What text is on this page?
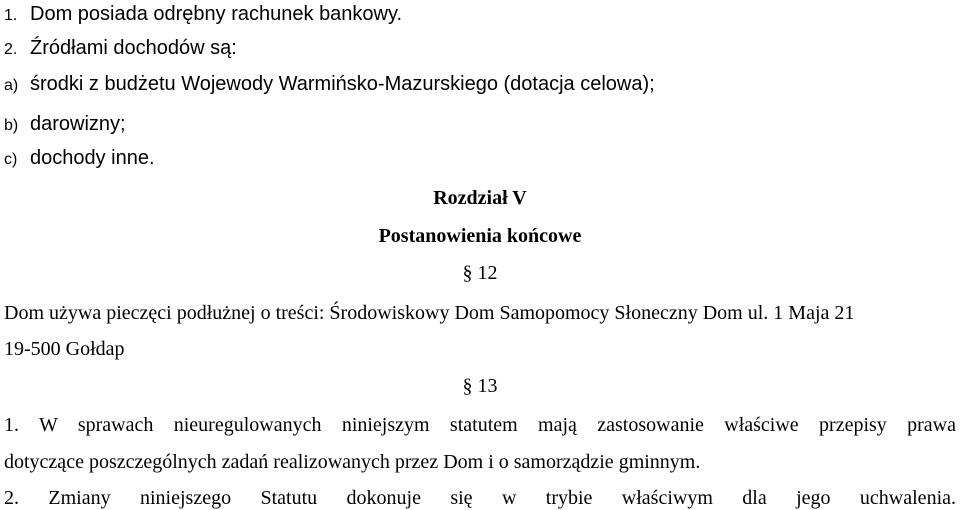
1. Dom posiada odrębny rachunek bankowy.
2. Źródłami dochodów są:
a) środki z budżetu Wojewody Warmińsko-Mazurskiego (dotacja celowa);
b) darowizny;
c) dochody inne.
Rozdział V
Postanowienia końcowe
§ 12
Dom używa pieczęci podłużnej o treści: Środowiskowy Dom Samopomocy Słoneczny Dom ul. 1 Maja 21
19-500 Gołdap
§ 13
1. W sprawach nieuregulowanych niniejszym statutem mają zastosowanie właściwe przepisy prawa
dotyczące poszczególnych zadań realizowanych przez Dom i o samorządzie gminnym.
2. Zmiany niniejszego Statutu dokonuje się w trybie właściwym dla jego uchwalenia.
